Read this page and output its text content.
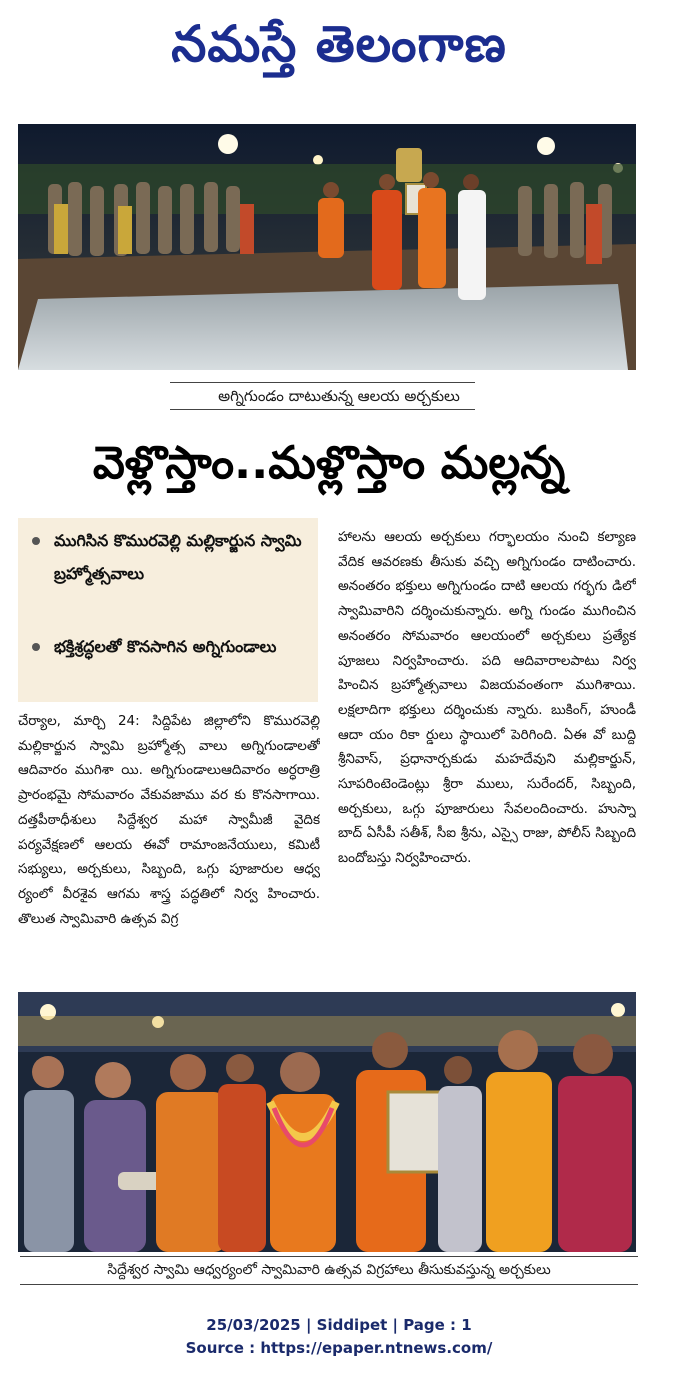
నమస్తే తెలంగాణ
అగ్నిగుండం దాటుతున్న ఆలయ అర్చకులు
వెళ్లొస్తాం..మళ్లొస్తాం మల్లన్న
ముగిసిన కొమురవెల్లి మల్లికార్జున స్వామి బ్రహ్మోత్సవాలు
భక్తిశ్రద్ధలతో కొనసాగిన అగ్నిగుండాలు
చేర్యాల, మార్చి 24: సిద్దిపేట జిల్లాలోని కొమురవెల్లి మల్లికార్జున స్వామి బ్రహ్మోత్స వాలు అగ్నిగుండాలతో ఆదివారం ముగిశా యి. అగ్నిగుండాలుఆదివారం అర్ధరాత్రి ప్రారంభమై సోమవారం వేకువజాము వర కు కొనసాగాయి. దత్తపీఠాధీశులు సిద్దేశ్వర మహా స్వామీజీ వైదిక పర్యవేక్షణలో ఆలయ ఈవో రామాంజనేయులు, కమిటీ సభ్యులు, అర్చకులు, సిబ్బంది, ఒగ్గు పూజారుల ఆధ్వ ర్యంలో వీరశైవ ఆగమ శాస్త్ర పద్ధతిలో నిర్వ హించారు. తొలుత స్వామివారి ఉత్సవ విగ్ర
హాలను ఆలయ అర్చకులు గర్భాలయం నుంచి కల్యాణ వేదిక ఆవరణకు తీసుకు వచ్చి అగ్నిగుండం దాటించారు. అనంతరం భక్తులు అగ్నిగుండం దాటి ఆలయ గర్భగు డిలో స్వామివారిని దర్శించుకున్నారు. అగ్ని గుండం ముగించిన అనంతరం సోమవారం ఆలయంలో అర్చకులు ప్రత్యేక పూజలు నిర్వహించారు. పది ఆదివారాలపాటు నిర్వ హించిన బ్రహ్మోత్సవాలు విజయవంతంగా ముగిశాయి. లక్షలాదిగా భక్తులు దర్శించుకు న్నారు. బుకింగ్, హుండీ ఆదా యం రికా ర్డులు స్థాయిలో పెరిగింది. ఏఈ వో బుద్ది శ్రీనివాస్, ప్రధానార్చకుడు మహదేవుని మల్లికార్జున్, సూపరింటెండెంట్లు శ్రీరా ములు, సురేందర్, సిబ్బంది, అర్చకులు, ఒగ్గు పూజారులు సేవలందించారు. హుస్నా బాద్ ఏసీపీ సతీశ్, సీఐ శ్రీను, ఎస్సై రాజు, పోలీస్ సిబ్బంది బందోబస్తు నిర్వహించారు.
సిద్దేశ్వర స్వామి ఆధ్వర్యంలో స్వామివారి ఉత్సవ విగ్రహాలు తీసుకువస్తున్న అర్చకులు
25/03/2025 | Siddipet | Page : 1
Source : https://epaper.ntnews.com/
